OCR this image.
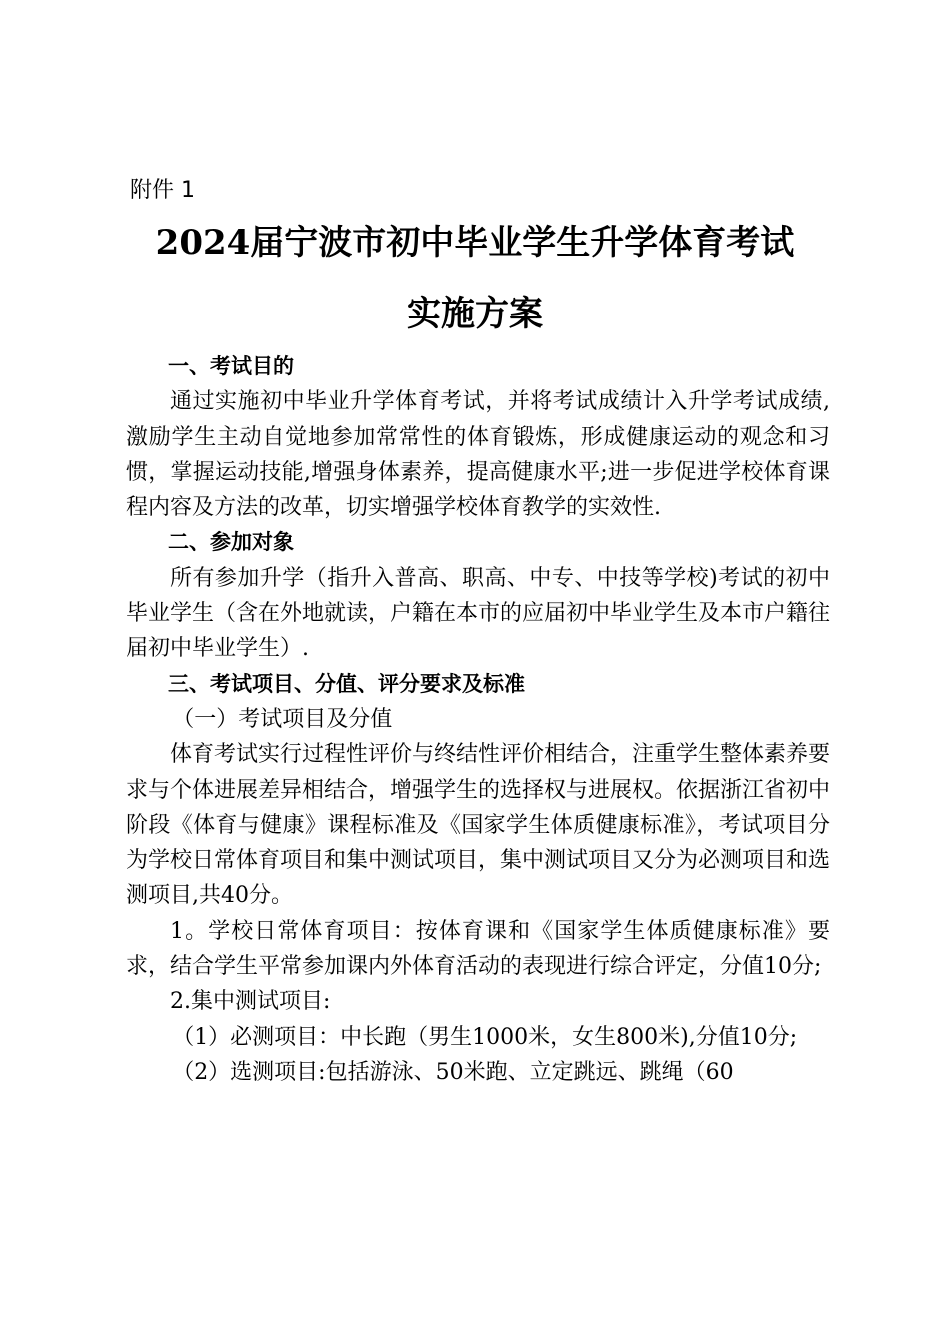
附件 1
2024届宁波市初中毕业学生升学体育考试
实施方案

一、考试目的

通过实施初中毕业升学体育考试，并将考试成绩计入升学考试成绩,激励学生主动自觉地参加常常性的体育锻炼，形成健康运动的观念和习惯，掌握运动技能,增强身体素养，提高健康水平;进一步促进学校体育课程内容及方法的改革，切实增强学校体育教学的实效性.

二、参加对象

所有参加升学（指升入普高、职高、中专、中技等学校)考试的初中毕业学生（含在外地就读，户籍在本市的应届初中毕业学生及本市户籍往届初中毕业学生）.

三、考试项目、分值、评分要求及标准

（一）考试项目及分值

体育考试实行过程性评价与终结性评价相结合，注重学生整体素养要求与个体进展差异相结合，增强学生的选择权与进展权。依据浙江省初中阶段《体育与健康》课程标准及《国家学生体质健康标准》，考试项目分为学校日常体育项目和集中测试项目，集中测试项目又分为必测项目和选测项目,共40分。

1。学校日常体育项目：按体育课和《国家学生体质健康标准》要求，结合学生平常参加课内外体育活动的表现进行综合评定，分值10分;

2.集中测试项目:

（1）必测项目：中长跑（男生1000米，女生800米),分值10分;

（2）选测项目:包括游泳、50米跑、立定跳远、跳绳（60
